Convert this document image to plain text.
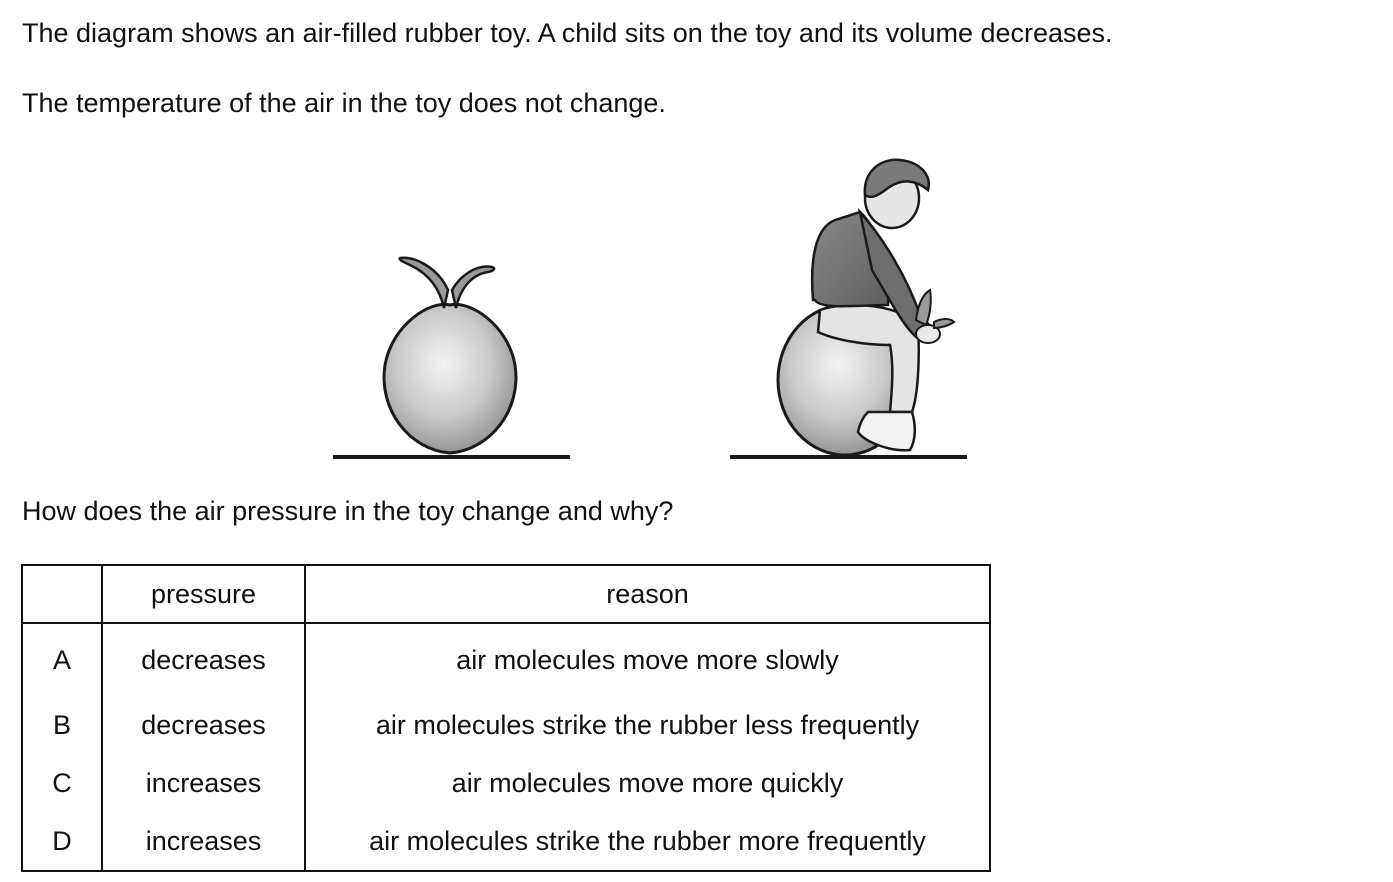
The diagram shows an air-filled rubber toy. A child sits on the toy and its volume decreases.

The temperature of the air in the toy does not change.

How does the air pressure in the toy change and why?

	pressure	reason
A	decreases	air molecules move more slowly
B	decreases	air molecules strike the rubber less frequently
C	increases	air molecules move more quickly
D	increases	air molecules strike the rubber more frequently
